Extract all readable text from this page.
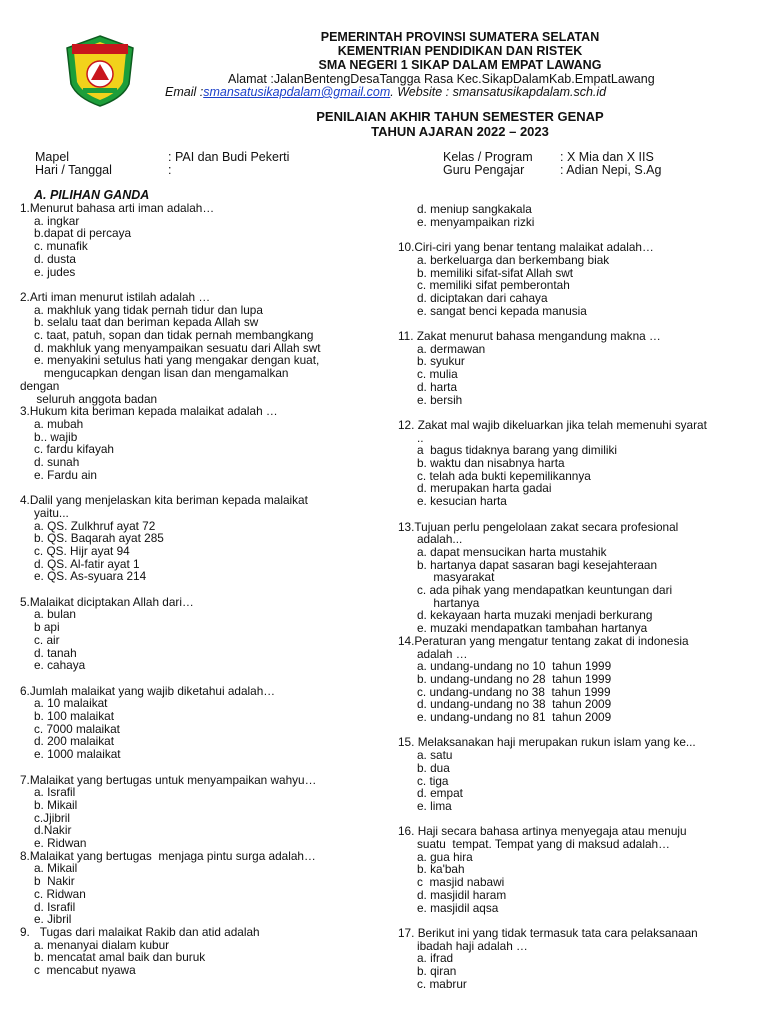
PEMERINTAH PROVINSI SUMATERA SELATAN
KEMENTRIAN PENDIDIKAN DAN RISTEK
SMA NEGERI 1 SIKAP DALAM EMPAT LAWANG
Alamat :JalanBentengDesaTangga Rasa Kec.SikapDalamKab.EmpatLawang
Email :smansatusikapdalam@gmail.com. Website : smansatusikapdalam.sch.id
PENILAIAN AKHIR TAHUN SEMESTER GENAP
TAHUN AJARAN 2022 – 2023
Mapel	: PAI dan Budi Pekerti
Hari / Tanggal	:
Kelas / Program : X Mia dan X IIS
Guru Pengajar	: Adian Nepi, S.Ag
A. PILIHAN GANDA
1. Menurut bahasa arti iman adalah…
a. ingkar
b.dapat di percaya
c. munafik
d. dusta
e. judes
2. Arti iman menurut istilah adalah …
a. makhluk yang tidak pernah tidur dan lupa
b. selalu taat dan beriman kepada Allah sw
c. taat, patuh, sopan dan tidak pernah membangkang
d. makhluk yang menyampaikan sesuatu dari Allah swt
e. menyakini setulus hati yang mengakar dengan kuat,
mengucapkan dengan lisan dan mengamalkan
dengan
seluruh anggota badan
3. Hukum kita beriman kepada malaikat adalah …
a. mubah
b.. wajib
c. fardu kifayah
d. sunah
e. Fardu ain
4. Dalil yang menjelaskan kita beriman kepada malaikat
yaitu...
a. QS. Zulkhruf ayat 72
b. QS. Baqarah ayat 285
c. QS. Hijr ayat 94
d. QS. Al-fatir ayat 1
e. QS. As-syuara 214
5. Malaikat diciptakan Allah dari…
a. bulan
b api
c. air
d. tanah
e. cahaya
6. Jumlah malaikat yang wajib diketahui adalah…
a. 10 malaikat
b. 100 malaikat
c. 7000 malaikat
d. 200 malaikat
e. 1000 malaikat
7. Malaikat yang bertugas untuk menyampaikan wahyu…
a. Israfil
b. Mikail
c.Jjibril
d.Nakir
e. Ridwan
8. Malaikat yang bertugas  menjaga pintu surga adalah…
a. Mikail
b  Nakir
c. Ridwan
d. Israfil
e. Jibril
9. Tugas dari malaikat Rakib dan atid adalah
a. menanyai dialam kubur
b. mencatat amal baik dan buruk
c  mencabut nyawa
d. meniup sangkakala
e. menyampaikan rizki
10. Ciri-ciri yang benar tentang malaikat adalah…
a. berkeluarga dan berkembang biak
b. memiliki sifat-sifat Allah swt
c. memiliki sifat pemberontah
d. diciptakan dari cahaya
e. sangat benci kepada manusia
11. Zakat menurut bahasa mengandung makna …
a. dermawan
b. syukur
c. mulia
d. harta
e. bersih
12. Zakat mal wajib dikeluarkan jika telah memenuhi syarat
..
a  bagus tidaknya barang yang dimiliki
b. waktu dan nisabnya harta
c. telah ada bukti kepemilikannya
d. merupakan harta gadai
e. kesucian harta
13. Tujuan perlu pengelolaan zakat secara profesional
adalah...
a. dapat mensucikan harta mustahik
b. hartanya dapat sasaran bagi kesejahteraan
masyarakat
c. ada pihak yang mendapatkan keuntungan dari
hartanya
d. kekayaan harta muzaki menjadi berkurang
e. muzaki mendapatkan tambahan hartanya
14. Peraturan yang mengatur tentang zakat di indonesia
adalah …
a. undang-undang no 10  tahun 1999
b. undang-undang no 28  tahun 1999
c. undang-undang no 38  tahun 1999
d. undang-undang no 38  tahun 2009
e. undang-undang no 81  tahun 2009
15. Melaksanakan haji merupakan rukun islam yang ke...
a. satu
b. dua
c. tiga
d. empat
e. lima
16. Haji secara bahasa artinya menyegaja atau menuju
suatu  tempat. Tempat yang di maksud adalah…
a. gua hira
b. ka'bah
c  masjid nabawi
d. masjidil haram
e. masjidil aqsa
17. Berikut ini yang tidak termasuk tata cara pelaksanaan
ibadah haji adalah …
a. ifrad
b. qiran
c. mabrur
